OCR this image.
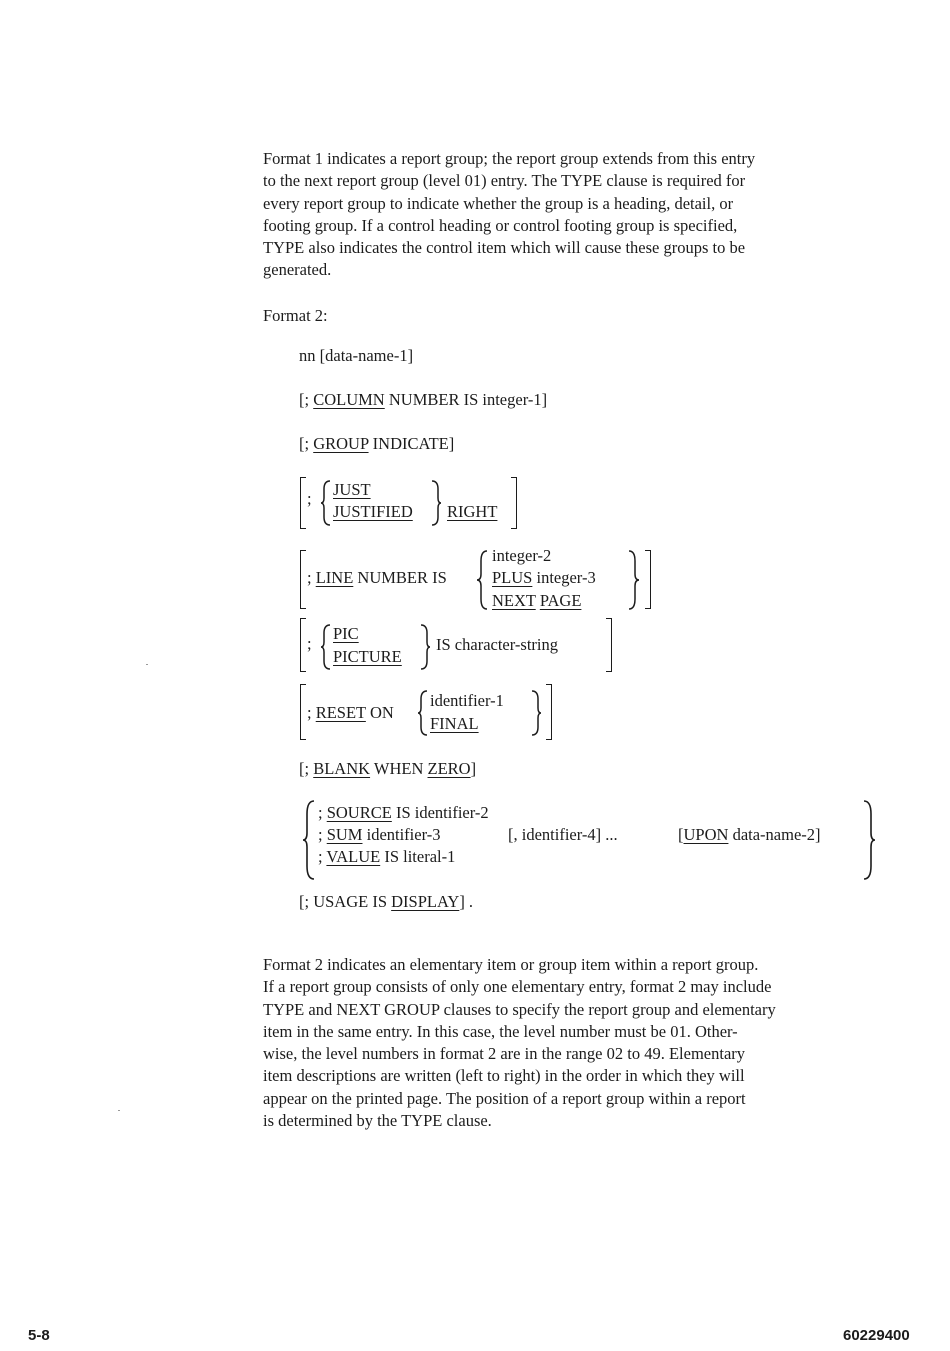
Format 1 indicates a report group; the report group extends from this entry
to the next report group (level 01) entry. The TYPE clause is required for
every report group to indicate whether the group is a heading, detail, or
footing group. If a control heading or control footing group is specified,
TYPE also indicates the control item which will cause these groups to be
generated.
Format 2:
nn [data-name-1]
[; COLUMN NUMBER IS integer-1]
[; GROUP INDICATE]
; JUST
JUSTIFIED RIGHT
; LINE NUMBER IS
integer-2
PLUS integer-3
NEXT PAGE
;
PIC
PICTURE
IS character-string
; RESET ON
identifier-1
FINAL
[; BLANK WHEN ZERO]
; SOURCE IS identifier-2
; SUM identifier-3	[, identifier-4] ...	[UPON data-name-2]
; VALUE IS literal-1
[; USAGE IS DISPLAY] .
Format 2 indicates an elementary item or group item within a report group.
If a report group consists of only one elementary entry, format 2 may include
TYPE and NEXT GROUP clauses to specify the report group and elementary
item in the same entry. In this case, the level number must be 01. Other-
wise, the level numbers in format 2 are in the range 02 to 49. Elementary
item descriptions are written (left to right) in the order in which they will
appear on the printed page. The position of a report group within a report
is determined by the TYPE clause.
5-8	60229400
